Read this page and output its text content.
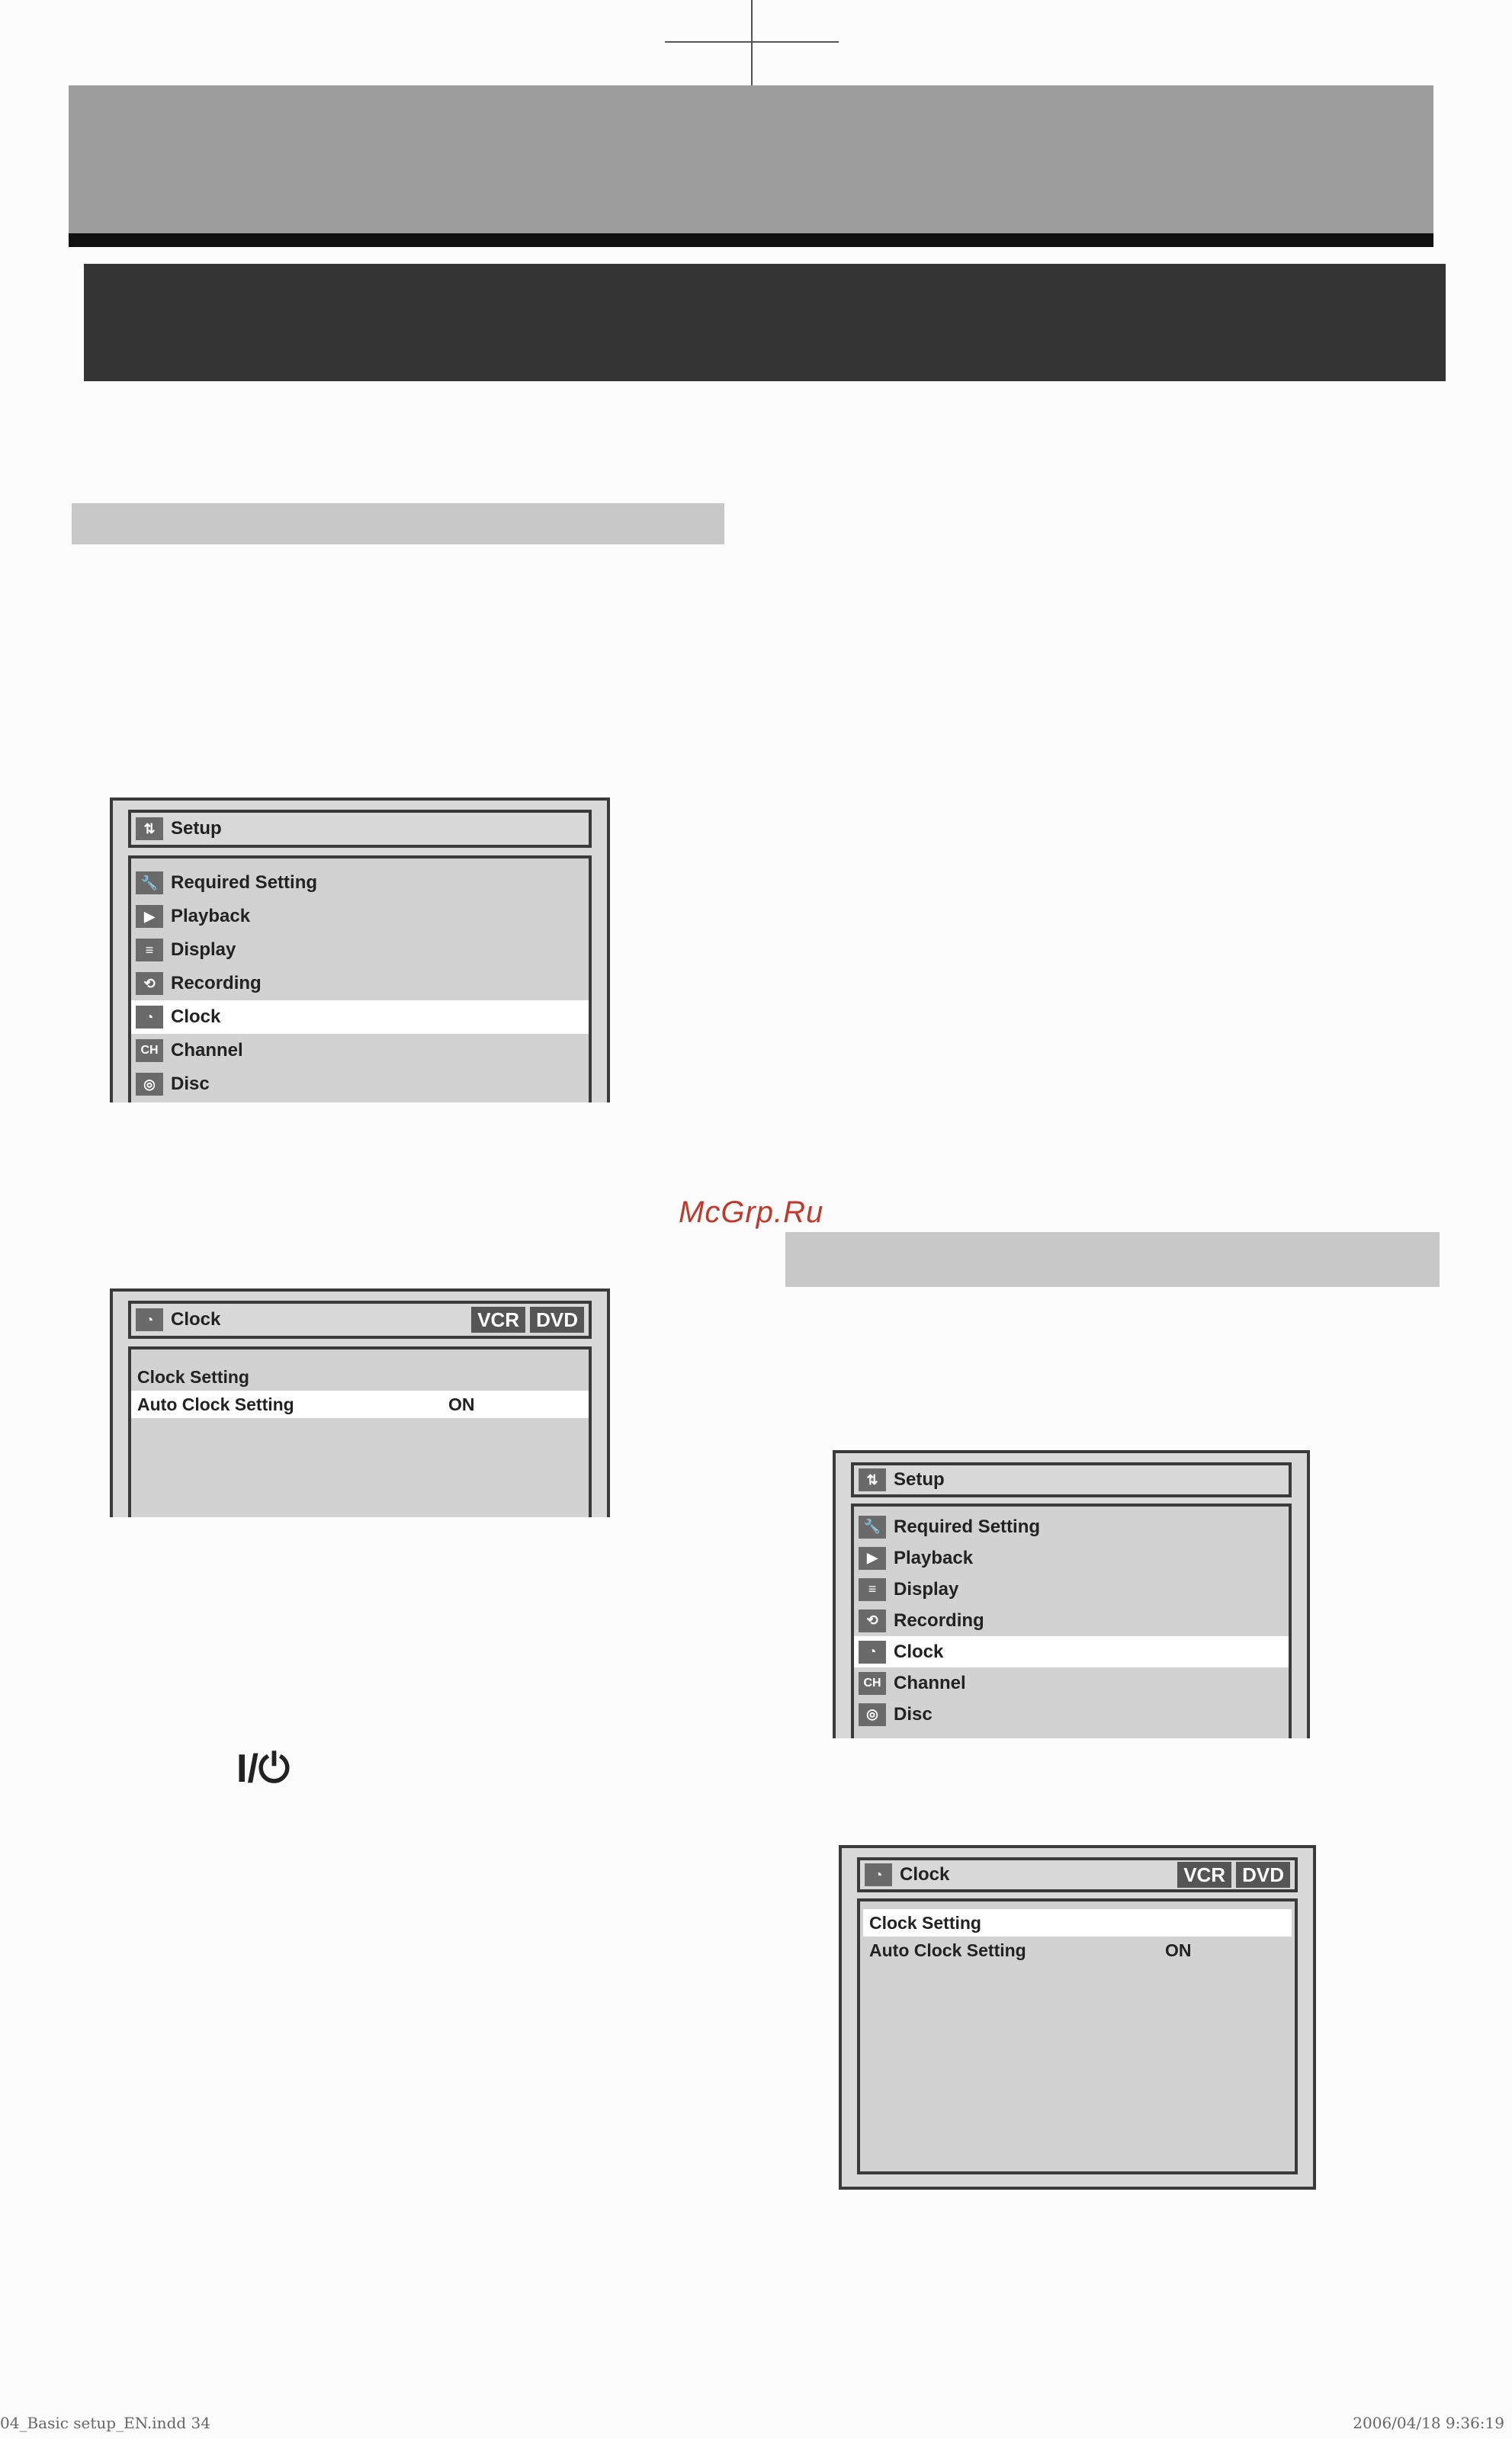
⇅ Setup
🔧 Required Setting
▶ Playback
≡ Display
⟲ Recording
◔ Clock
CH Channel
◎ Disc
McGrp.Ru
◔ Clock	VCR DVD
Clock Setting
Auto Clock Setting	ON
I/⏻
⇅ Setup
🔧 Required Setting
▶ Playback
≡ Display
⟲ Recording
◔ Clock
CH Channel
◎ Disc
◔ Clock	VCR DVD
Clock Setting
Auto Clock Setting	ON
04_Basic setup_EN.indd 34	2006/04/18 9:36:19
